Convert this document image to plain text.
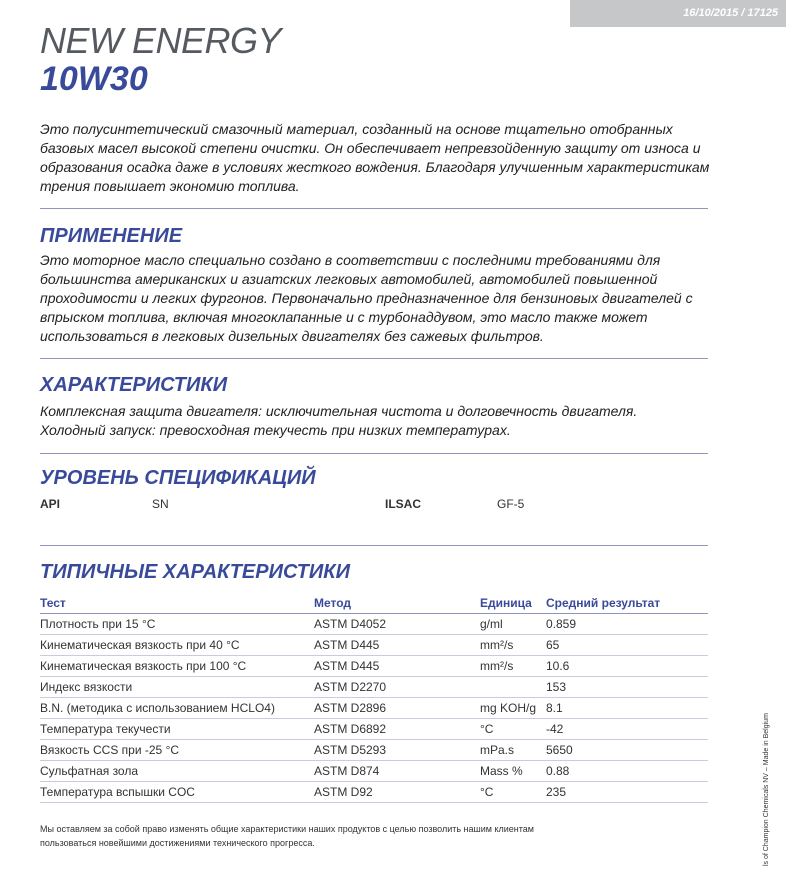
16/10/2015 / 17125
NEW ENERGY
10W30
Это полусинтетический смазочный материал, созданный на основе тщательно отобранных базовых масел высокой степени очистки. Он обеспечивает непревзойденную защиту от износа и образования осадка даже в условиях жесткого вождения. Благодаря улучшенным характеристикам трения повышает экономию топлива.
ПРИМЕНЕНИЕ
Это моторное масло специально создано в соответствии с последними требованиями для большинства американских и азиатских легковых автомобилей, автомобилей повышенной проходимости и легких фургонов. Первоначально предназначенное для бензиновых двигателей с впрыском топлива, включая многоклапанные и с турбонаддувом, это масло также может использоваться в легковых дизельных двигателях без сажевых фильтров.
ХАРАКТЕРИСТИКИ
Комплексная защита двигателя: исключительная чистота и долговечность двигателя.
Холодный запуск: превосходная текучесть при низких температурах.
УРОВЕНЬ СПЕЦИФИКАЦИЙ
API	SN	ILSAC	GF-5
ТИПИЧНЫЕ ХАРАКТЕРИСТИКИ
Тест	Метод	Единица	Средний результат
Плотность при 15 °C	ASTM D4052	g/ml	0.859
Кинематическая вязкость при 40 °C	ASTM D445	mm²/s	65
Кинематическая вязкость при 100 °C	ASTM D445	mm²/s	10.6
Индекс вязкости	ASTM D2270		153
B.N. (методика с использованием HCLO4)	ASTM D2896	mg KOH/g	8.1
Температура текучести	ASTM D6892	°C	-42
Вязкость CCS при -25 °C	ASTM D5293	mPa.s	5650
Сульфатная зола	ASTM D874	Mass %	0.88
Температура вспышки COC	ASTM D92	°C	235
Мы оставляем за собой право изменять общие характеристики наших продуктов с целью позволить нашим клиентам
пользоваться новейшими достижениями технического прогресса.	ls of Champion Chemicals NV – Made in Belgium
